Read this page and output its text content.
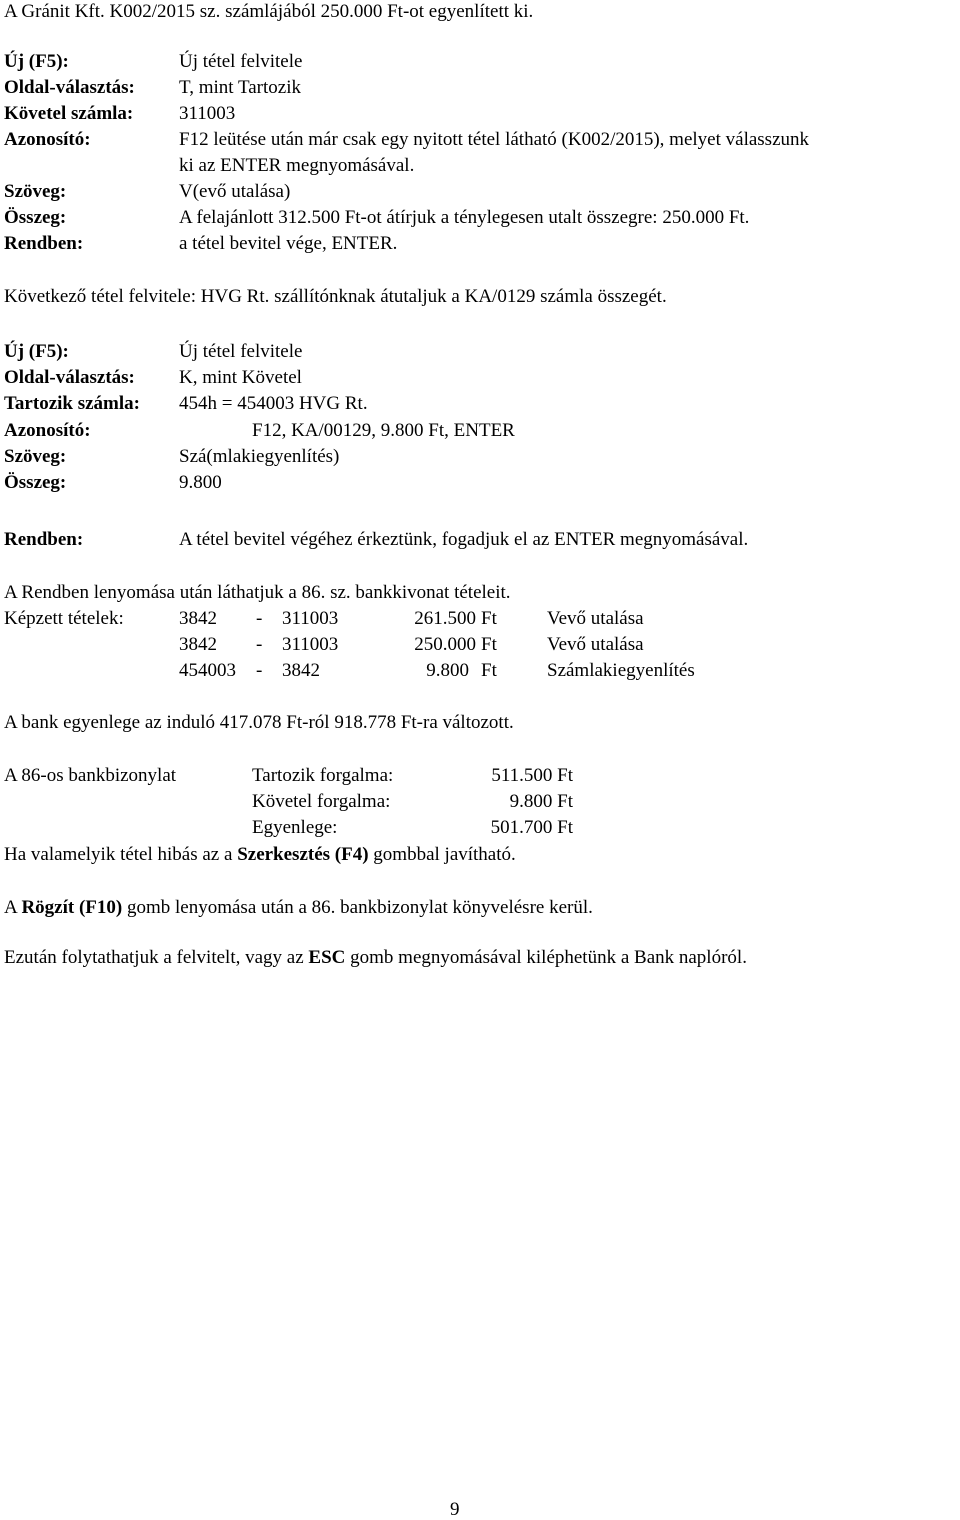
A Gránit Kft. K002/2015 sz. számlájából 250.000 Ft-ot egyenlített ki.
Új (F5):	Új tétel felvitele
Oldal-választás: T, mint Tartozik
Követel számla: 311003
Azonosító:	F12 leütése után már csak egy nyitott tétel látható (K002/2015), melyet válasszunk
ki az ENTER megnyomásával.
Szöveg:	V(evő utalása)
Összeg:	A felajánlott 312.500 Ft-ot átírjuk a ténylegesen utalt összegre: 250.000 Ft.
Rendben:	a tétel bevitel vége, ENTER.
Következő tétel felvitele: HVG Rt. szállítónknak átutaljuk a KA/0129 számla összegét.
Új (F5):	Új tétel felvitele
Oldal-választás: K, mint Követel
Tartozik számla: 454h = 454003 HVG Rt.
Azonosító:	F12, KA/00129, 9.800 Ft, ENTER
Szöveg:	Szá(mlakiegyenlítés)
Összeg:	9.800
Rendben:	A tétel bevitel végéhez érkeztünk, fogadjuk el az ENTER megnyomásával.
A Rendben lenyomása után láthatjuk a 86. sz. bankkivonat tételeit.
Képzett tételek:	3842 - 311003	261.500 Ft	Vevő utalása
3842 - 311003	250.000 Ft	Vevő utalása
454003 - 3842	9.800 Ft	Számlakiegyenlítés
A bank egyenlege az induló 417.078 Ft-ról 918.778 Ft-ra változott.
A 86-os bankbizonylat	Tartozik forgalma:	511.500 Ft
Követel forgalma:	9.800 Ft
Egyenlege:	501.700 Ft
Ha valamelyik tétel hibás az a Szerkesztés (F4) gombbal javítható.
A Rögzít (F10) gomb lenyomása után a 86. bankbizonylat könyvelésre kerül.
Ezután folytathatjuk a felvitelt, vagy az ESC gomb megnyomásával kiléphetünk a Bank naplóról.
9
